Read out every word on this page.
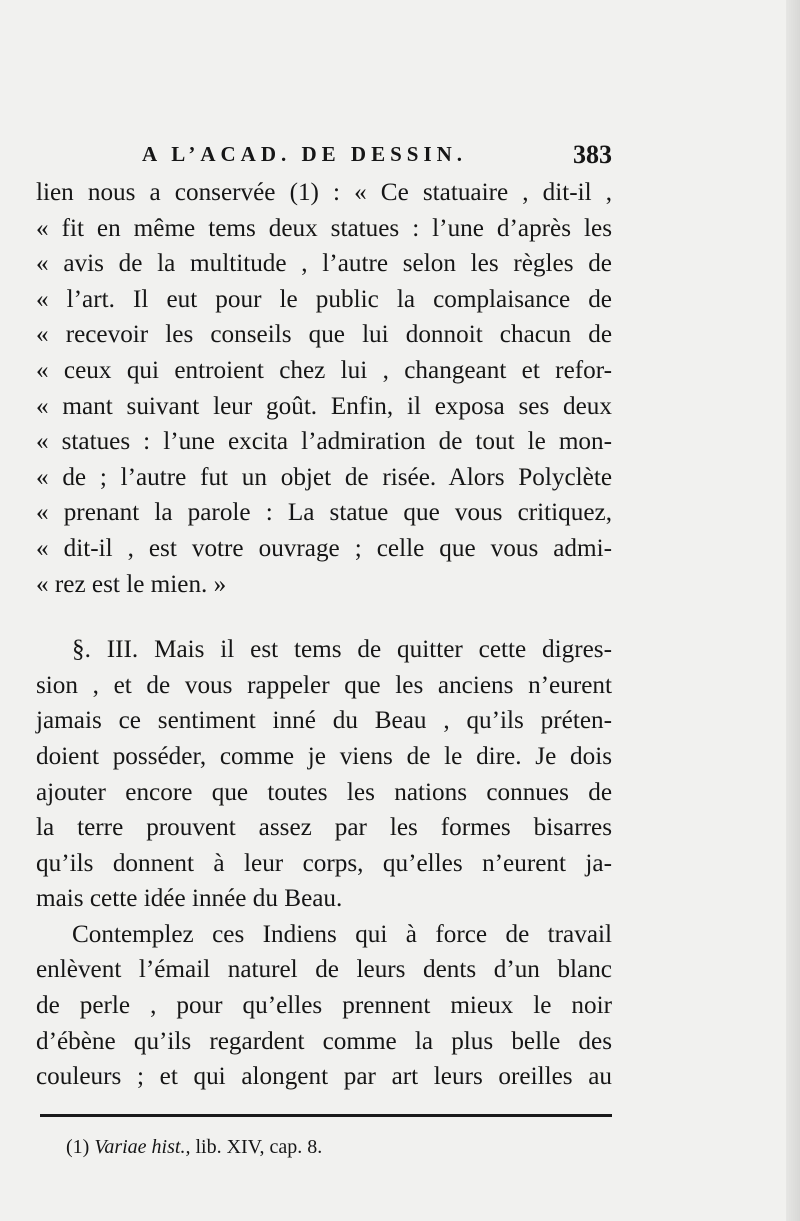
A L’ACAD. DE DESSIN.	383
lien nous a conservée (1) : « Ce statuaire , dit-il ,
« fit en même tems deux statues : l’une d’après les
« avis de la multitude , l’autre selon les règles de
« l’art. Il eut pour le public la complaisance de
« recevoir les conseils que lui donnoit chacun de
« ceux qui entroient chez lui , changeant et refor-
« mant suivant leur goût. Enfin, il exposa ses deux
« statues : l’une excita l’admiration de tout le mon-
« de ; l’autre fut un objet de risée. Alors Polyclète
« prenant la parole : La statue que vous critiquez,
« dit-il , est votre ouvrage ; celle que vous admi-
« rez est le mien. »
§. III. Mais il est tems de quitter cette digres-
sion , et de vous rappeler que les anciens n’eurent
jamais ce sentiment inné du Beau , qu’ils préten-
doient posséder, comme je viens de le dire. Je dois
ajouter encore que toutes les nations connues de
la terre prouvent assez par les formes bisarres
qu’ils donnent à leur corps, qu’elles n’eurent ja-
mais cette idée innée du Beau.
Contemplez ces Indiens qui à force de travail
enlèvent l’émail naturel de leurs dents d’un blanc
de perle , pour qu’elles prennent mieux le noir
d’ébène qu’ils regardent comme la plus belle des
couleurs ; et qui alongent par art leurs oreilles au
(1) Variae hist., lib. XIV, cap. 8.
